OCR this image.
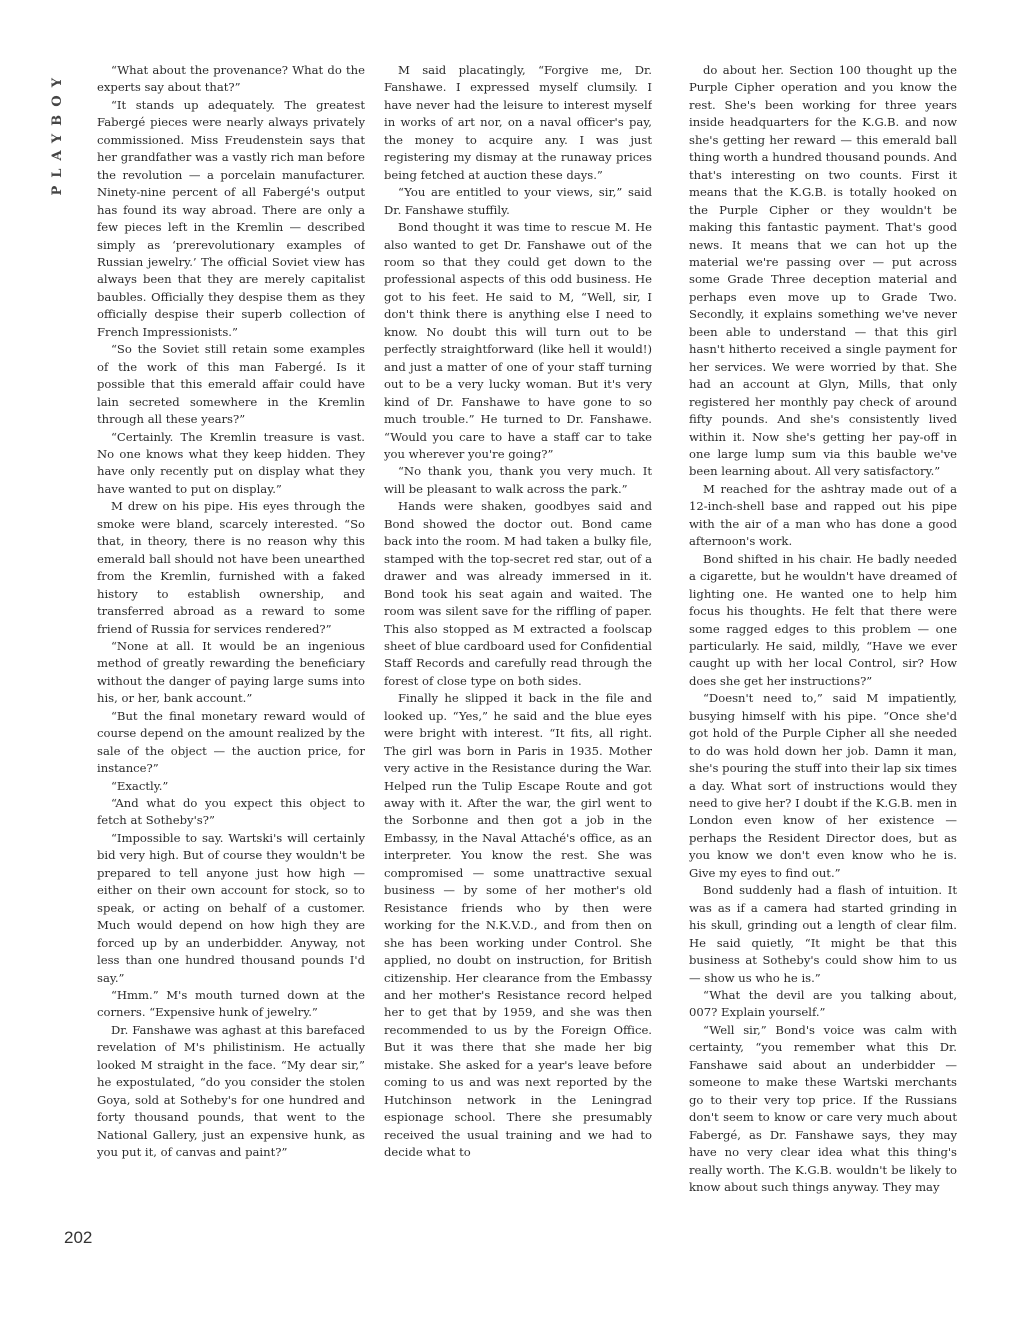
PLAYBOY	“What about the provenance? What do the experts say about that?”

“It stands up adequately. The greatest Fabergé pieces were nearly always privately commissioned. Miss Freudenstein says that her grandfather was a vastly rich man before the revolution — a porcelain manufacturer. Ninety-nine percent of all Fabergé's output has found its way abroad. There are only a few pieces left in the Kremlin — described simply as ‘prerevolutionary examples of Russian jewelry.’ The official Soviet view has always been that they are merely capitalist baubles. Officially they despise them as they officially despise their superb collection of French Impressionists.”

“So the Soviet still retain some examples of the work of this man Fabergé. Is it possible that this emerald affair could have lain secreted somewhere in the Kremlin through all these years?”

“Certainly. The Kremlin treasure is vast. No one knows what they keep hidden. They have only recently put on display what they have wanted to put on display.”

M drew on his pipe. His eyes through the smoke were bland, scarcely interested. “So that, in theory, there is no reason why this emerald ball should not have been unearthed from the Kremlin, furnished with a faked history to establish ownership, and transferred abroad as a reward to some friend of Russia for services rendered?”

“None at all. It would be an ingenious method of greatly rewarding the beneficiary without the danger of paying large sums into his, or her, bank account.”

“But the final monetary reward would of course depend on the amount realized by the sale of the object — the auction price, for instance?”

“Exactly.”

“And what do you expect this object to fetch at Sotheby's?”

“Impossible to say. Wartski's will certainly bid very high. But of course they wouldn't be prepared to tell anyone just how high — either on their own account for stock, so to speak, or acting on behalf of a customer. Much would depend on how high they are forced up by an underbidder. Anyway, not less than one hundred thousand pounds I'd say.”

“Hmm.” M's mouth turned down at the corners. “Expensive hunk of jewelry.”

Dr. Fanshawe was aghast at this barefaced revelation of M's philistinism. He actually looked M straight in the face. “My dear sir,” he expostulated, “do you consider the stolen Goya, sold at Sotheby's for one hundred and forty thousand pounds, that went to the National Gallery, just an expensive hunk, as you put it, of canvas and paint?”

M said placatingly, “Forgive me, Dr. Fanshawe. I expressed myself clumsily. I have never had the leisure to interest myself in works of art nor, on a naval officer's pay, the money to acquire any. I was just registering my dismay at the runaway prices being fetched at auction these days.”

“You are entitled to your views, sir,” said Dr. Fanshawe stuffily.

Bond thought it was time to rescue M. He also wanted to get Dr. Fanshawe out of the room so that they could get down to the professional aspects of this odd business. He got to his feet. He said to M, “Well, sir, I don't think there is anything else I need to know. No doubt this will turn out to be perfectly straightforward (like hell it would!) and just a matter of one of your staff turning out to be a very lucky woman. But it's very kind of Dr. Fanshawe to have gone to so much trouble.” He turned to Dr. Fanshawe. “Would you care to have a staff car to take you wherever you're going?”

“No thank you, thank you very much. It will be pleasant to walk across the park.”

Hands were shaken, goodbyes said and Bond showed the doctor out. Bond came back into the room. M had taken a bulky file, stamped with the top-secret red star, out of a drawer and was already immersed in it. Bond took his seat again and waited. The room was silent save for the riffling of paper. This also stopped as M extracted a foolscap sheet of blue cardboard used for Confidential Staff Records and carefully read through the forest of close type on both sides.

Finally he slipped it back in the file and looked up. “Yes,” he said and the blue eyes were bright with interest. “It fits, all right. The girl was born in Paris in 1935. Mother very active in the Resistance during the War. Helped run the Tulip Escape Route and got away with it. After the war, the girl went to the Sorbonne and then got a job in the Embassy, in the Naval Attaché's office, as an interpreter. You know the rest. She was compromised — some unattractive sexual business — by some of her mother's old Resistance friends who by then were working for the N.K.V.D., and from then on she has been working under Control. She applied, no doubt on instruction, for British citizenship. Her clearance from the Embassy and her mother's Resistance record helped her to get that by 1959, and she was then recommended to us by the Foreign Office. But it was there that she made her big mistake. She asked for a year's leave before coming to us and was next reported by the Hutchinson network in the Leningrad espionage school. There she presumably received the usual training and we had to decide what to

do about her. Section 100 thought up the Purple Cipher operation and you know the rest. She's been working for three years inside headquarters for the K.G.B. and now she's getting her reward — this emerald ball thing worth a hundred thousand pounds. And that's interesting on two counts. First it means that the K.G.B. is totally hooked on the Purple Cipher or they wouldn't be making this fantastic payment. That's good news. It means that we can hot up the material we're passing over — put across some Grade Three deception material and perhaps even move up to Grade Two. Secondly, it explains something we've never been able to understand — that this girl hasn't hitherto received a single payment for her services. We were worried by that. She had an account at Glyn, Mills, that only registered her monthly pay check of around fifty pounds. And she's consistently lived within it. Now she's getting her pay-off in one large lump sum via this bauble we've been learning about. All very satisfactory.”

M reached for the ashtray made out of a 12-inch-shell base and rapped out his pipe with the air of a man who has done a good afternoon's work.

Bond shifted in his chair. He badly needed a cigarette, but he wouldn't have dreamed of lighting one. He wanted one to help him focus his thoughts. He felt that there were some ragged edges to this problem — one particularly. He said, mildly, “Have we ever caught up with her local Control, sir? How does she get her instructions?”

“Doesn't need to,” said M impatiently, busying himself with his pipe. “Once she'd got hold of the Purple Cipher all she needed to do was hold down her job. Damn it man, she's pouring the stuff into their lap six times a day. What sort of instructions would they need to give her? I doubt if the K.G.B. men in London even know of her existence — perhaps the Resident Director does, but as you know we don't even know who he is. Give my eyes to find out.”

Bond suddenly had a flash of intuition. It was as if a camera had started grinding in his skull, grinding out a length of clear film. He said quietly, “It might be that this business at Sotheby's could show him to us — show us who he is.”

“What the devil are you talking about, 007? Explain yourself.”

“Well sir,” Bond's voice was calm with certainty, “you remember what this Dr. Fanshawe said about an underbidder — someone to make these Wartski merchants go to their very top price. If the Russians don't seem to know or care very much about Fabergé, as Dr. Fanshawe says, they may have no very clear idea what this thing's really worth. The K.G.B. wouldn't be likely to know about such things anyway. They may

202
